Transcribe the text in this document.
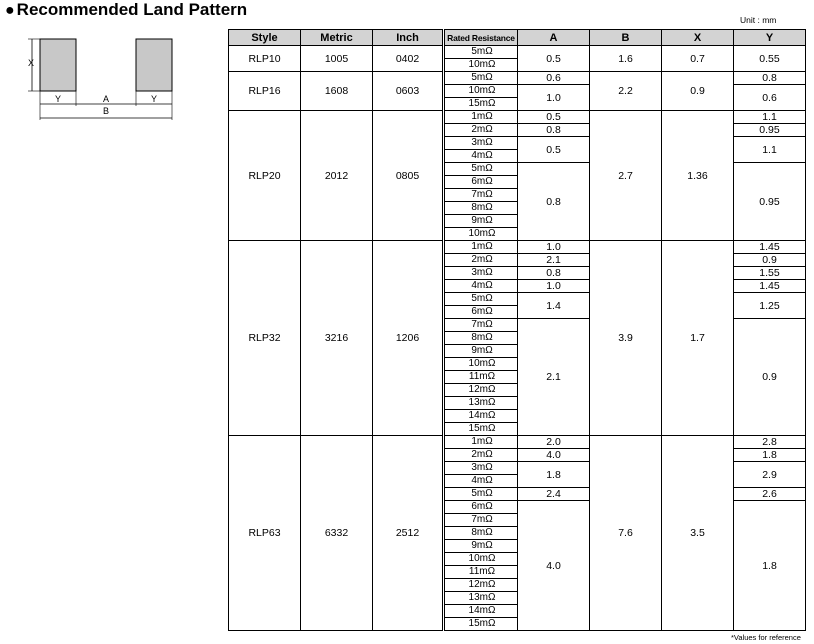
● Recommended Land Pattern
Unit : mm
X
Y	A	Y
B
Style	Metric	Inch		Rated Resistance	A	B	X	Y
RLP10	1005	0402		5mΩ	0.5	1.6	0.7	0.55
				10mΩ				
RLP16	1608	0603		5mΩ	0.6	2.2	0.9	0.8
				10mΩ	1.0			0.6
				15mΩ				
RLP20	2012	0805		1mΩ	0.5	2.7	1.36	1.1
				2mΩ	0.8			0.95
				3mΩ	0.5			1.1
				4mΩ				
				5mΩ	0.8			0.95
				6mΩ				
				7mΩ				
				8mΩ				
				9mΩ				
				10mΩ				
RLP32	3216	1206		1mΩ	1.0	3.9	1.7	1.45
				2mΩ	2.1			0.9
				3mΩ	0.8			1.55
				4mΩ	1.0			1.45
				5mΩ	1.4			1.25
				6mΩ				
				7mΩ	2.1			0.9
				8mΩ				
				9mΩ				
				10mΩ				
				11mΩ				
				12mΩ				
				13mΩ				
				14mΩ				
				15mΩ				
RLP63	6332	2512		1mΩ	2.0	7.6	3.5	2.8
				2mΩ	4.0			1.8
				3mΩ	1.8			2.9
				4mΩ				
				5mΩ	2.4			2.6
				6mΩ	4.0			1.8
				7mΩ				
				8mΩ				
				9mΩ				
				10mΩ				
				11mΩ				
				12mΩ				
				13mΩ				
				14mΩ				
				15mΩ				
*Values for reference
